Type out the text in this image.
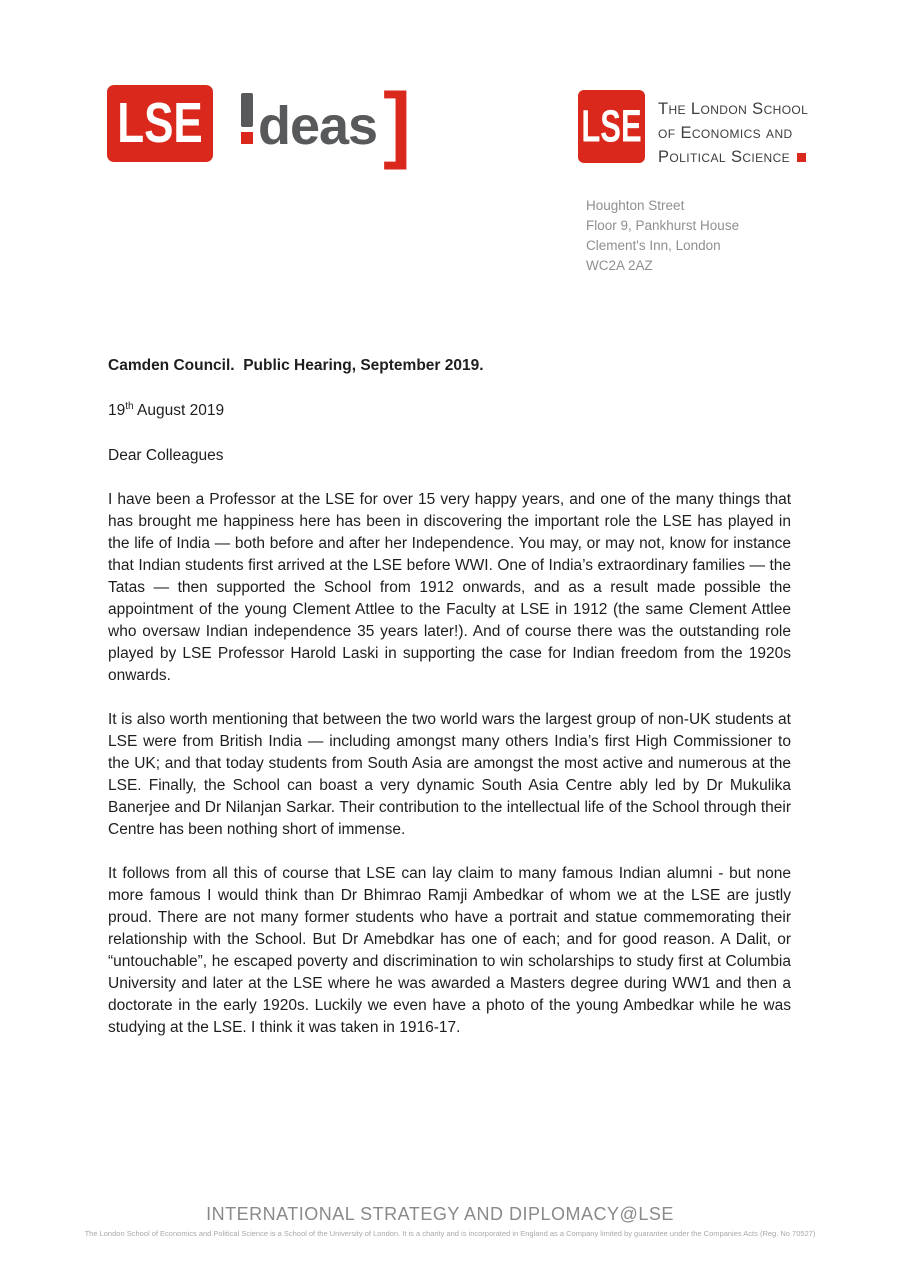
LSE deas ]	LSE The London School
of Economics and
Political Science
Houghton Street
Floor 9, Pankhurst House
Clement's Inn, London
WC2A 2AZ
Camden Council.  Public Hearing, September 2019.
19th August 2019
Dear Colleagues

I have been a Professor at the LSE for over 15 very happy years, and one of the many things that has brought me happiness here has been in discovering the important role the LSE has played in the life of India — both before and after her Independence. You may, or may not, know for instance that Indian students first arrived at the LSE before WWI. One of India’s extraordinary families — the Tatas — then supported the School from 1912 onwards, and as a result made possible the appointment of the young Clement Attlee to the Faculty at LSE in 1912 (the same Clement Attlee who oversaw Indian independence 35 years later!). And of course there was the outstanding role played by LSE Professor Harold Laski in supporting the case for Indian freedom from the 1920s onwards.

It is also worth mentioning that between the two world wars the largest group of non-UK students at LSE were from British India — including amongst many others India’s first High Commissioner to the UK; and that today students from South Asia are amongst the most active and numerous at the LSE. Finally, the School can boast a very dynamic South Asia Centre ably led by Dr Mukulika Banerjee and Dr Nilanjan Sarkar. Their contribution to the intellectual life of the School through their Centre has been nothing short of immense.

It follows from all this of course that LSE can lay claim to many famous Indian alumni - but none more famous I would think than Dr Bhimrao Ramji Ambedkar of whom we at the LSE are justly proud. There are not many former students who have a portrait and statue commemorating their relationship with the School. But Dr Amebdkar has one of each; and for good reason. A Dalit, or “untouchable”, he escaped poverty and discrimination to win scholarships to study first at Columbia University and later at the LSE where he was awarded a Masters degree during WW1 and then a doctorate in the early 1920s. Luckily we even have a photo of the young Ambedkar while he was studying at the LSE. I think it was taken in 1916-17.

INTERNATIONAL STRATEGY AND DIPLOMACY@LSE
The London School of Economics and Political Science is a School of the University of London. It is a charity and is incorporated in England as a Company limited by guarantee under the Companies Acts (Reg. No 70527)
